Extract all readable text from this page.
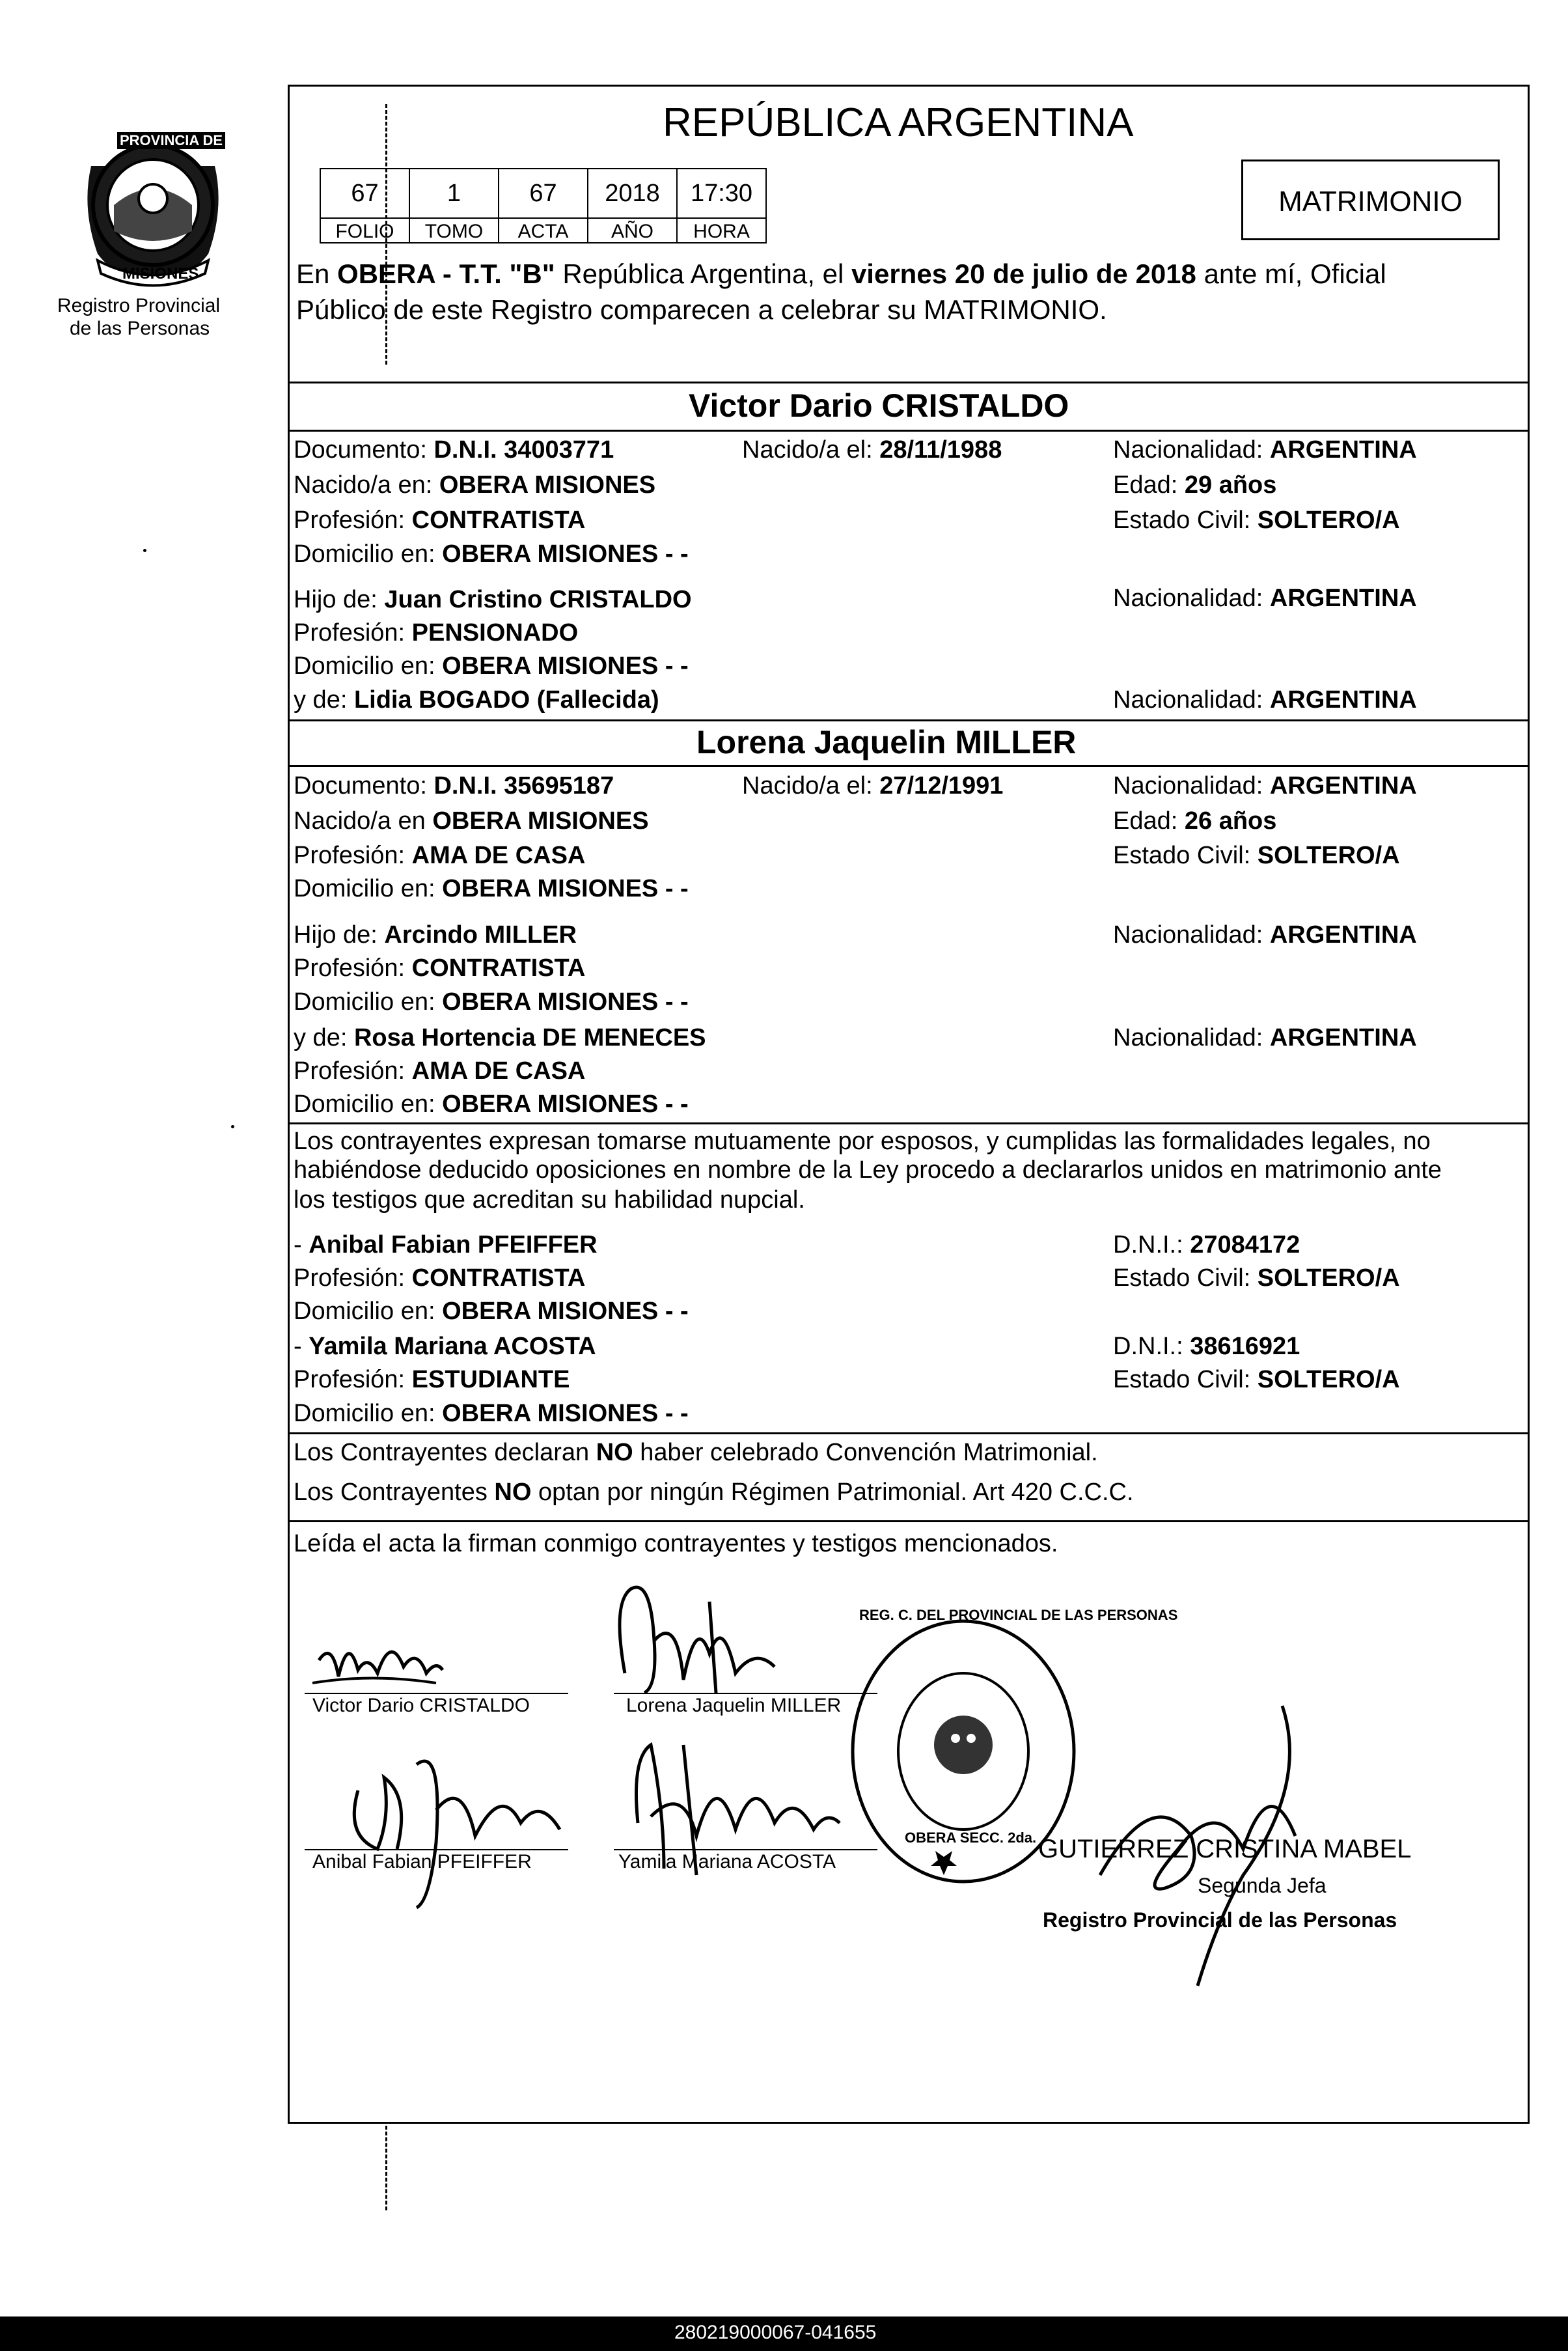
PROVINCIA DE
MISIONES
Registro Provincial
de las Personas
REPÚBLICA ARGENTINA
67	1	67	2018	17:30
FOLIO	TOMO	ACTA	AÑO	HORA
MATRIMONIO
En OBERA - T.T. "B" República Argentina, el viernes 20 de julio de 2018 ante mí, Oficial
Público de este Registro comparecen a celebrar su MATRIMONIO.
Victor Dario CRISTALDO
Documento: D.N.I. 34003771	Nacido/a el: 28/11/1988	Nacionalidad: ARGENTINA
Nacido/a en: OBERA MISIONES	Edad: 29 años
Profesión: CONTRATISTA	Estado Civil: SOLTERO/A
Domicilio en: OBERA MISIONES - -
Hijo de: Juan Cristino CRISTALDO	Nacionalidad: ARGENTINA
Profesión: PENSIONADO
Domicilio en: OBERA MISIONES - -
y de: Lidia BOGADO (Fallecida)	Nacionalidad: ARGENTINA
Lorena Jaquelin MILLER
Documento: D.N.I. 35695187	Nacido/a el: 27/12/1991	Nacionalidad: ARGENTINA
Nacido/a en OBERA MISIONES	Edad: 26 años
Profesión: AMA DE CASA	Estado Civil: SOLTERO/A
Domicilio en: OBERA MISIONES - -
Hijo de: Arcindo MILLER	Nacionalidad: ARGENTINA
Profesión: CONTRATISTA
Domicilio en: OBERA MISIONES - -
y de: Rosa Hortencia DE MENECES	Nacionalidad: ARGENTINA
Profesión: AMA DE CASA
Domicilio en: OBERA MISIONES - -
Los contrayentes expresan tomarse mutuamente por esposos, y cumplidas las formalidades legales, no
habiéndose deducido oposiciones en nombre de la Ley procedo a declararlos unidos en matrimonio ante
los testigos que acreditan su habilidad nupcial.
- Anibal Fabian PFEIFFER	D.N.I.: 27084172
Profesión: CONTRATISTA	Estado Civil: SOLTERO/A
Domicilio en: OBERA MISIONES - -
- Yamila Mariana ACOSTA	D.N.I.: 38616921
Profesión: ESTUDIANTE	Estado Civil: SOLTERO/A
Domicilio en: OBERA MISIONES - -
Los Contrayentes declaran NO haber celebrado Convención Matrimonial.
Los Contrayentes NO optan por ningún Régimen Patrimonial. Art 420 C.C.C.
Leída el acta la firman conmigo contrayentes y testigos mencionados.
Victor Dario CRISTALDO	Lorena Jaquelin MILLER
Anibal Fabian PFEIFFER	Yamila Mariana ACOSTA	GUTIERREZ CRISTINA MABEL
Segunda Jefa
Registro Provincial de las Personas
REG. C. DEL PROVINCIAL DE LAS PERSONAS
OBERA SECC. 2da.
280219000067-041655
